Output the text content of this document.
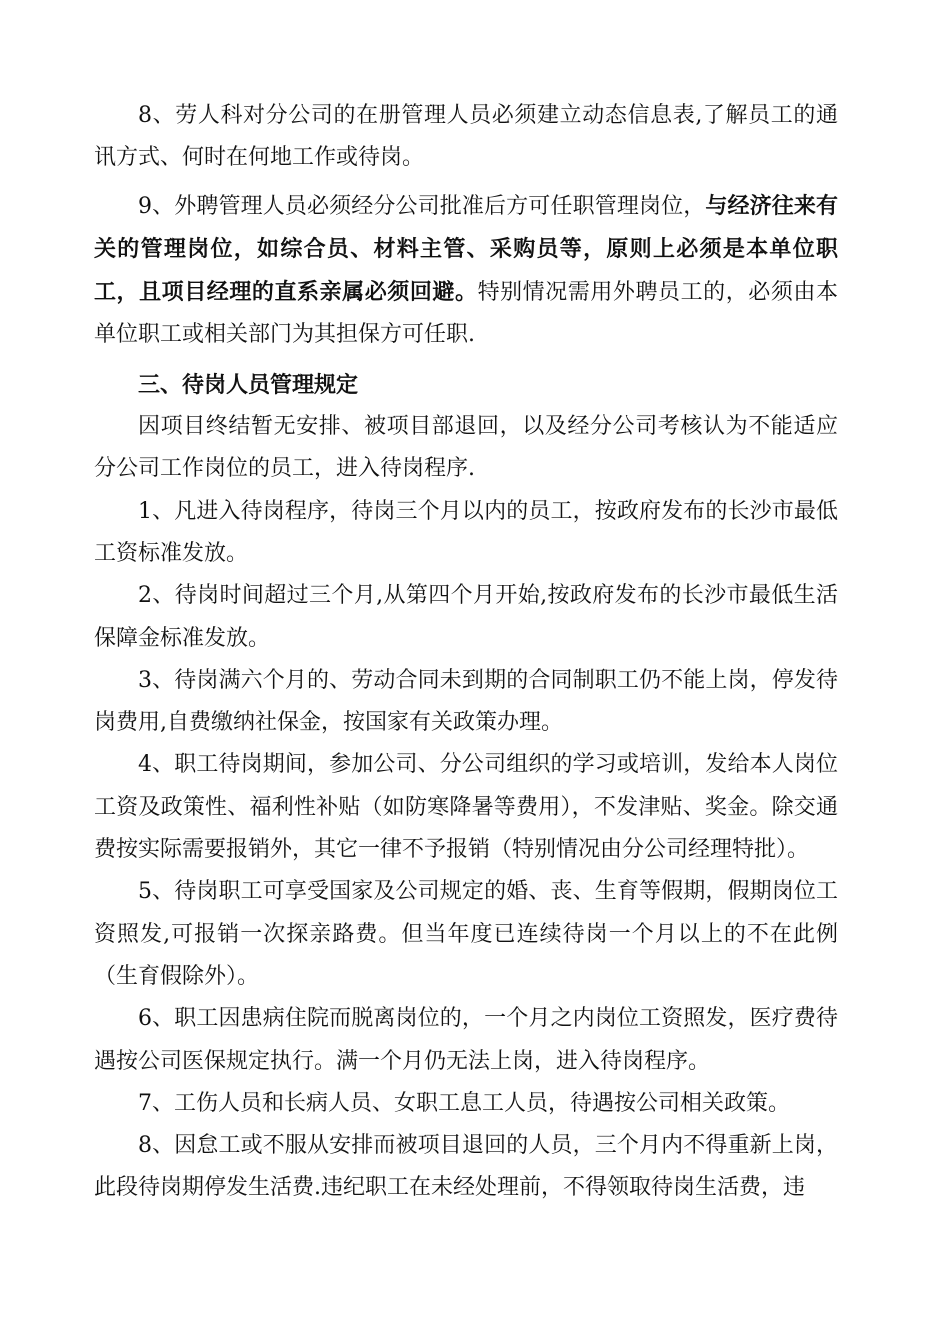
8、劳人科对分公司的在册管理人员必须建立动态信息表,了解员工的通讯方式、何时在何地工作或待岗。

9、外聘管理人员必须经分公司批准后方可任职管理岗位，与经济往来有关的管理岗位，如综合员、材料主管、采购员等，原则上必须是本单位职工，且项目经理的直系亲属必须回避。特别情况需用外聘员工的，必须由本单位职工或相关部门为其担保方可任职.

三、待岗人员管理规定

因项目终结暂无安排、被项目部退回，以及经分公司考核认为不能适应分公司工作岗位的员工，进入待岗程序.

1、凡进入待岗程序，待岗三个月以内的员工，按政府发布的长沙市最低工资标准发放。

2、待岗时间超过三个月,从第四个月开始,按政府发布的长沙市最低生活保障金标准发放。

3、待岗满六个月的、劳动合同未到期的合同制职工仍不能上岗，停发待岗费用,自费缴纳社保金，按国家有关政策办理。

4、职工待岗期间，参加公司、分公司组织的学习或培训，发给本人岗位工资及政策性、福利性补贴（如防寒降暑等费用），不发津贴、奖金。除交通费按实际需要报销外，其它一律不予报销（特别情况由分公司经理特批）。

5、待岗职工可享受国家及公司规定的婚、丧、生育等假期，假期岗位工资照发,可报销一次探亲路费。但当年度已连续待岗一个月以上的不在此例（生育假除外）。

6、职工因患病住院而脱离岗位的，一个月之内岗位工资照发，医疗费待遇按公司医保规定执行。满一个月仍无法上岗，进入待岗程序。

7、工伤人员和长病人员、女职工息工人员，待遇按公司相关政策。

8、因怠工或不服从安排而被项目退回的人员，三个月内不得重新上岗，此段待岗期停发生活费.违纪职工在未经处理前，不得领取待岗生活费，违
